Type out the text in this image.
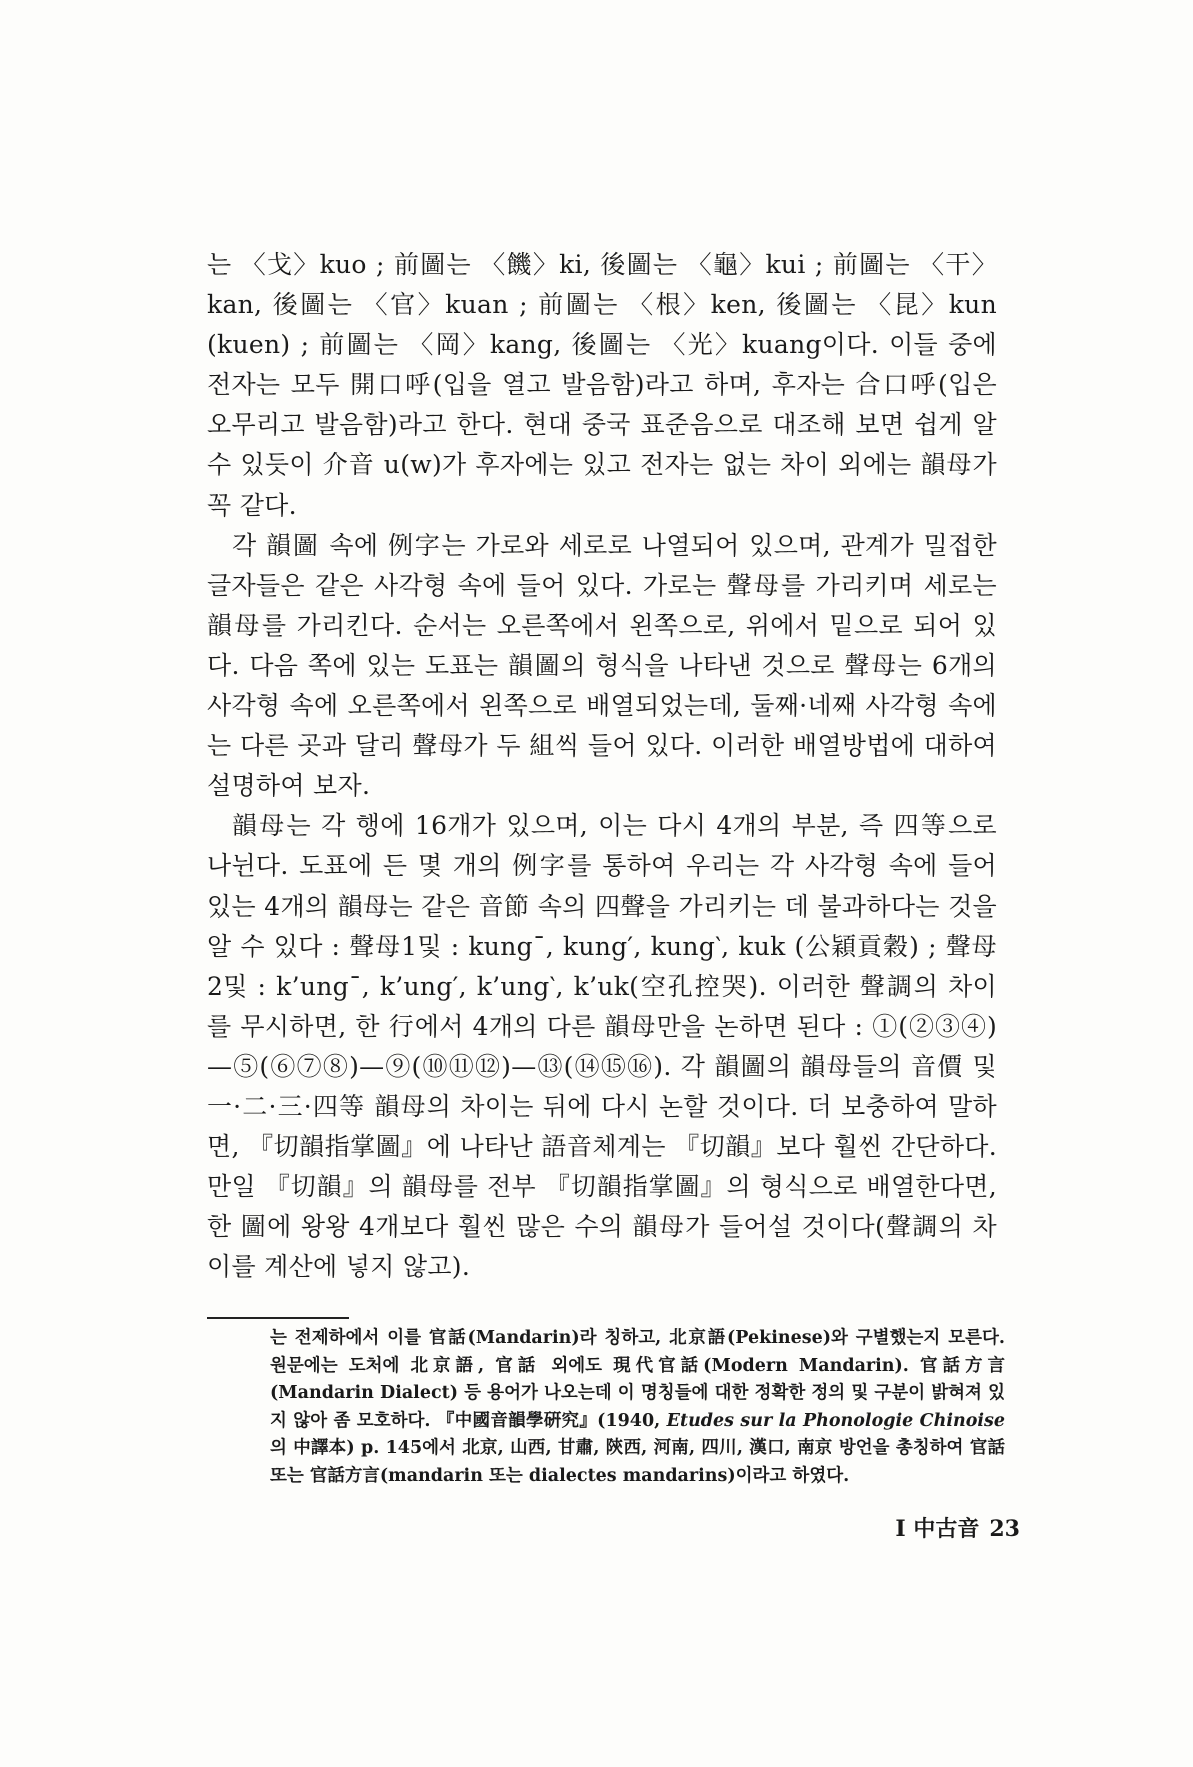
는 〈戈〉kuo ; 前圖는 〈饑〉ki, 後圖는 〈龜〉kui ; 前圖는 〈干〉kan, 後圖는 〈官〉kuan ; 前圖는 〈根〉ken, 後圖는 〈昆〉kun (kuen) ; 前圖는 〈岡〉kang, 後圖는 〈光〉kuang이다. 이들 중에 전자는 모두 開口呼(입을 열고 발음함)라고 하며, 후자는 合口呼(입은 오무리고 발음함)라고 한다. 현대 중국 표준음으로 대조해 보면 쉽게 알 수 있듯이 介音 u(w)가 후자에는 있고 전자는 없는 차이 외에는 韻母가 꼭 같다.

각 韻圖 속에 例字는 가로와 세로로 나열되어 있으며, 관계가 밀접한 글자들은 같은 사각형 속에 들어 있다. 가로는 聲母를 가리키며 세로는 韻母를 가리킨다. 순서는 오른쪽에서 왼쪽으로, 위에서 밑으로 되어 있다. 다음 쪽에 있는 도표는 韻圖의 형식을 나타낸 것으로 聲母는 6개의 사각형 속에 오른쪽에서 왼쪽으로 배열되었는데, 둘째·네째 사각형 속에는 다른 곳과 달리 聲母가 두 組씩 들어 있다. 이러한 배열방법에 대하여 설명하여 보자.

韻母는 각 행에 16개가 있으며, 이는 다시 4개의 부분, 즉 四等으로 나뉜다. 도표에 든 몇 개의 例字를 통하여 우리는 각 사각형 속에 들어 있는 4개의 韻母는 같은 音節 속의 四聲을 가리키는 데 불과하다는 것을 알 수 있다 : 聲母1및 : kung¯, kung′, kung‵, kuk (公穎貢穀) ; 聲母2및 : k’ung¯, k’ung′, k’ung‵, k’uk(空孔控哭). 이러한 聲調의 차이를 무시하면, 한 行에서 4개의 다른 韻母만을 논하면 된다 : ①(②③④)—⑤(⑥⑦⑧)—⑨(⑩⑪⑫)—⑬(⑭⑮⑯). 각 韻圖의 韻母들의 音價 및 一·二·三·四等 韻母의 차이는 뒤에 다시 논할 것이다. 더 보충하여 말하면, 『切韻指掌圖』에 나타난 語音체계는 『切韻』보다 훨씬 간단하다. 만일 『切韻』의 韻母를 전부 『切韻指掌圖』의 형식으로 배열한다면, 한 圖에 왕왕 4개보다 훨씬 많은 수의 韻母가 들어설 것이다(聲調의 차이를 계산에 넣지 않고).

는 전제하에서 이를 官話(Mandarin)라 칭하고, 北京語(Pekinese)와 구별했는지 모른다. 원문에는 도처에 北京語, 官話 외에도 現代官話(Modern Mandarin). 官話方言(Mandarin Dialect) 등 용어가 나오는데 이 명칭들에 대한 정확한 정의 및 구분이 밝혀져 있지 않아 좀 모호하다. 『中國音韻學硏究』(1940, Etudes sur la Phonologie Chinoise의 中譯本) p. 145에서 北京, 山西, 甘肅, 陝西, 河南, 四川, 漢口, 南京 방언을 총칭하여 官話 또는 官話方言(mandarin 또는 dialectes mandarins)이라고 하였다.

I 中古音 23
